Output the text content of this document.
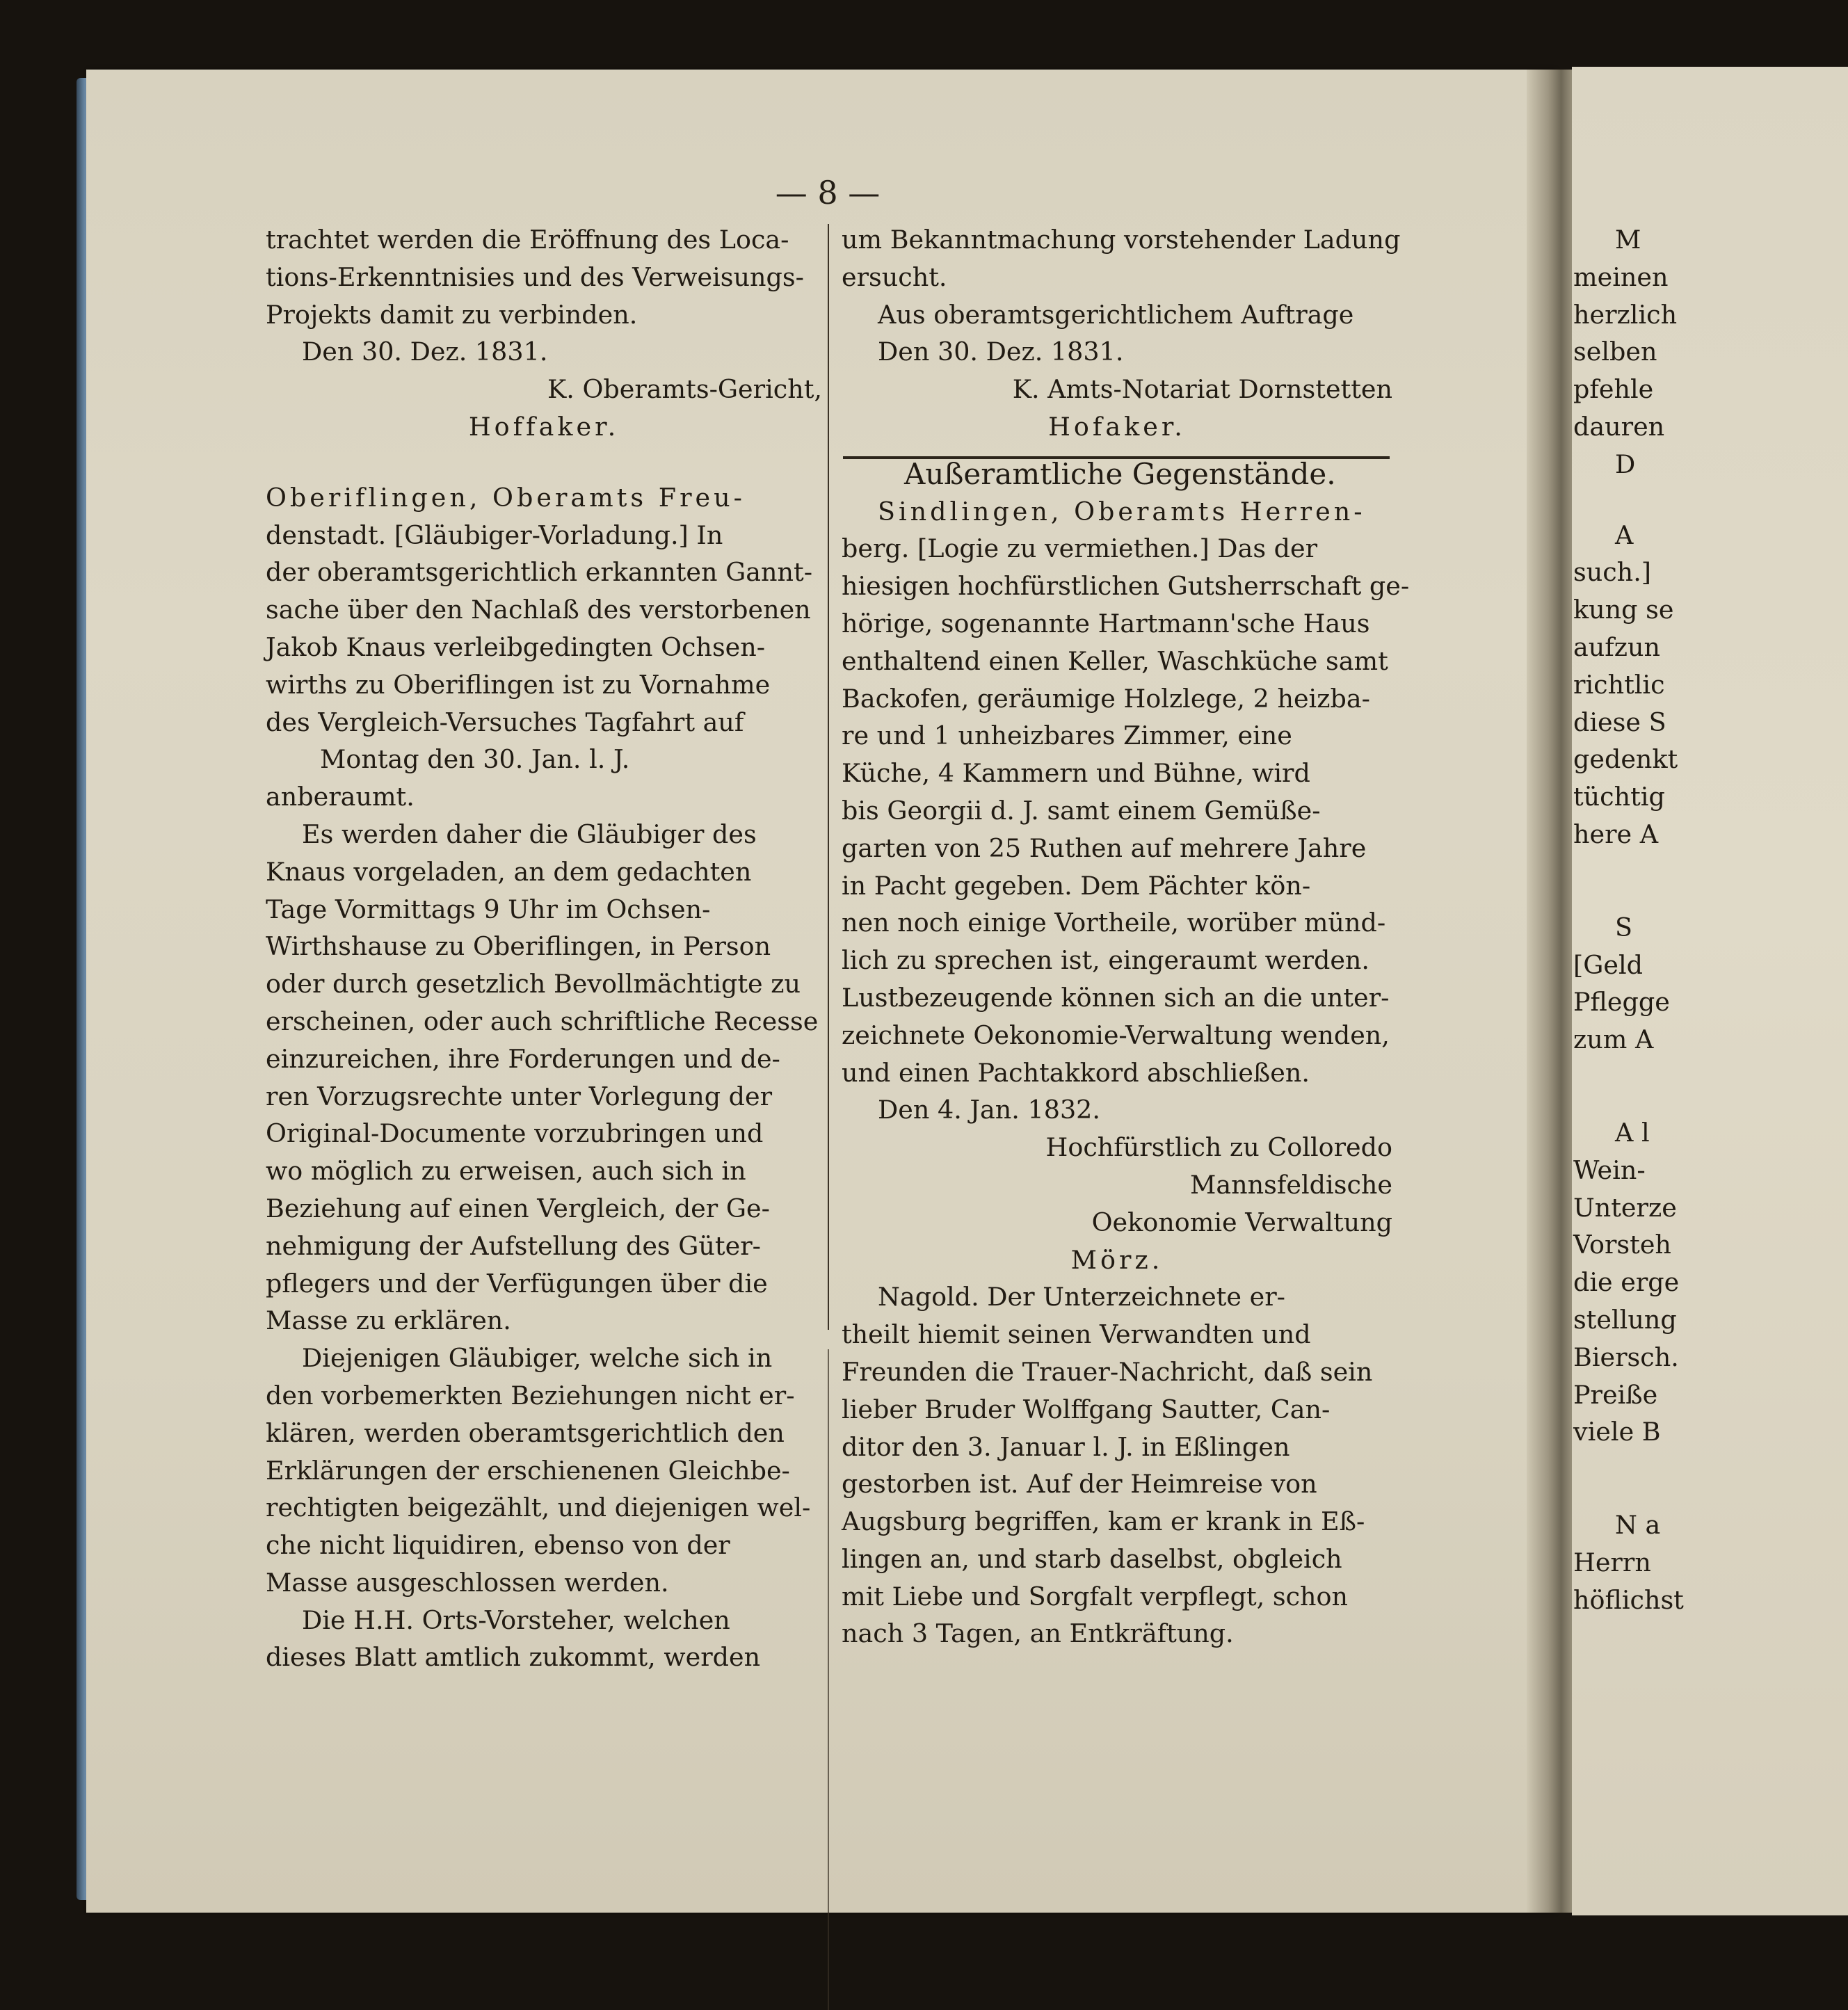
— 8 —

trachtet werden die Eröffnung des Loca-

tions-Erkenntnisies und des Verweisungs-

Projekts damit zu verbinden.

Den 30. Dez. 1831.

K. Oberamts-Gericht,

Hoffaker.

Oberiflingen, Oberamts Freu-

denstadt. [Gläubiger-Vorladung.] In

der oberamtsgerichtlich erkannten Gannt-

sache über den Nachlaß des verstorbenen

Jakob Knaus verleibgedingten Ochsen-

wirths zu Oberiflingen ist zu Vornahme

des Vergleich-Versuches Tagfahrt auf

Montag den 30. Jan. l. J.

anberaumt.

Es werden daher die Gläubiger des

Knaus vorgeladen, an dem gedachten

Tage Vormittags 9 Uhr im Ochsen-

Wirthshause zu Oberiflingen, in Person

oder durch gesetzlich Bevollmächtigte zu

erscheinen, oder auch schriftliche Recesse

einzureichen, ihre Forderungen und de-

ren Vorzugsrechte unter Vorlegung der

Original-Documente vorzubringen und

wo möglich zu erweisen, auch sich in

Beziehung auf einen Vergleich, der Ge-

nehmigung der Aufstellung des Güter-

pflegers und der Verfügungen über die

Masse zu erklären.

Diejenigen Gläubiger, welche sich in

den vorbemerkten Beziehungen nicht er-

klären, werden oberamtsgerichtlich den

Erklärungen der erschienenen Gleichbe-

rechtigten beigezählt, und diejenigen wel-

che nicht liquidiren, ebenso von der

Masse ausgeschlossen werden.

Die H.H. Orts-Vorsteher, welchen

dieses Blatt amtlich zukommt, werden

um Bekanntmachung vorstehender Ladung

ersucht.

Aus oberamtsgerichtlichem Auftrage

Den 30. Dez. 1831.

K. Amts-Notariat Dornstetten

Hofaker.

Außeramtliche Gegenstände.

Sindlingen, Oberamts Herren-

berg. [Logie zu vermiethen.] Das der

hiesigen hochfürstlichen Gutsherrschaft ge-

hörige, sogenannte Hartmann'sche Haus

enthaltend einen Keller, Waschküche samt

Backofen, geräumige Holzlege, 2 heizba-

re und 1 unheizbares Zimmer, eine

Küche, 4 Kammern und Bühne, wird

bis Georgii d. J. samt einem Gemüße-

garten von 25 Ruthen auf mehrere Jahre

in Pacht gegeben. Dem Pächter kön-

nen noch einige Vortheile, worüber münd-

lich zu sprechen ist, eingeraumt werden.

Lustbezeugende können sich an die unter-

zeichnete Oekonomie-Verwaltung wenden,

und einen Pachtakkord abschließen.

Den 4. Jan. 1832.

Hochfürstlich zu Colloredo

Mannsfeldische

Oekonomie Verwaltung

Mörz.

Nagold. Der Unterzeichnete er-

theilt hiemit seinen Verwandten und

Freunden die Trauer-Nachricht, daß sein

lieber Bruder Wolffgang Sautter, Can-

ditor den 3. Januar l. J. in Eßlingen

gestorben ist. Auf der Heimreise von

Augsburg begriffen, kam er krank in Eß-

lingen an, und starb daselbst, obgleich

mit Liebe und Sorgfalt verpflegt, schon

nach 3 Tagen, an Entkräftung.

M

meinen

herzlich

selben

pfehle

dauren

D

A

such.]

kung se

aufzun

richtlic

diese S

gedenkt

tüchtig

here A

S

[Geld

Pflegge

zum A

A l

Wein-

Unterze

Vorsteh

die erge

stellung

Biersch.

Preiße

viele B

N a

Herrn

höflichst
